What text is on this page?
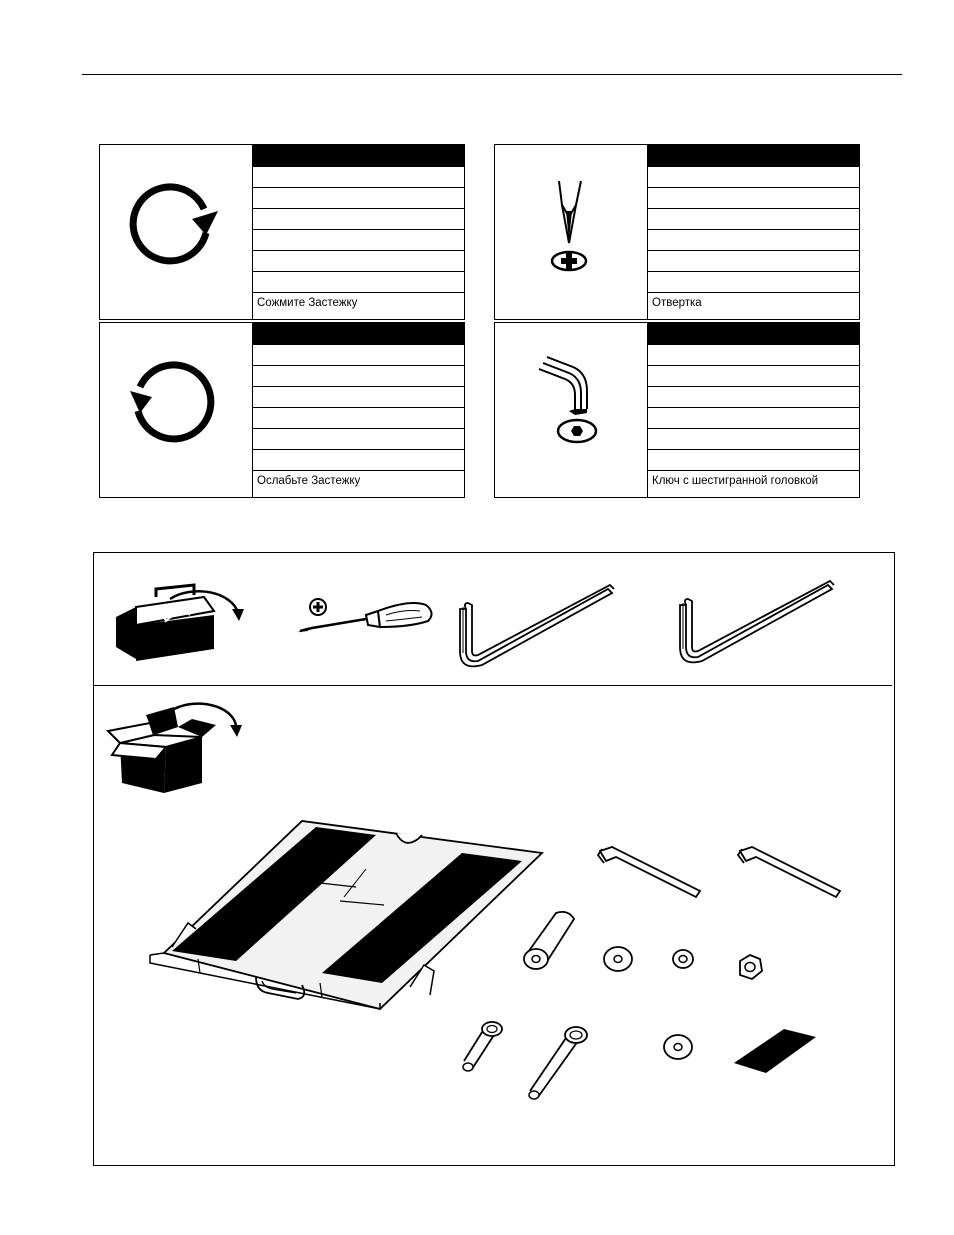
Сожмите Застежку	Отвертка
Ослабьте Застежку	Ключ с шестигранной головкой
